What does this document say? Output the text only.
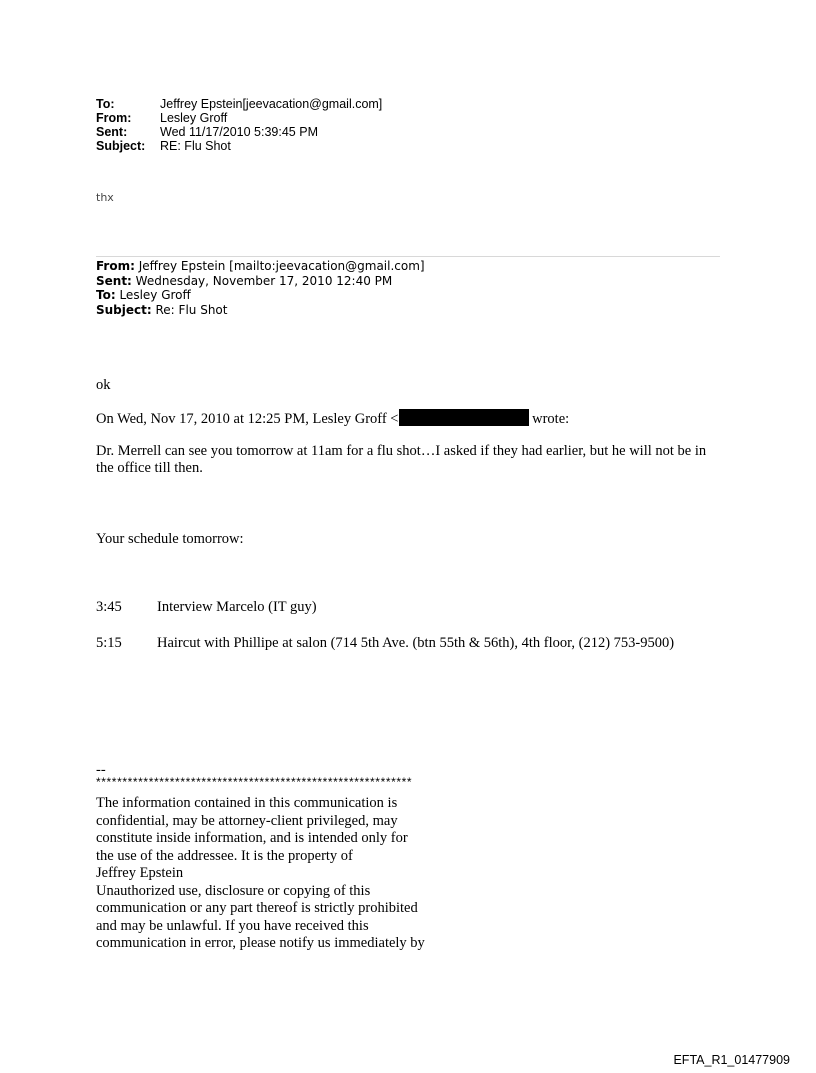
To:	Jeffrey Epstein[jeevacation@gmail.com]
From:	Lesley Groff
Sent:	Wed 11/17/2010 5:39:45 PM
Subject:	RE: Flu Shot
thx
From: Jeffrey Epstein [mailto:jeevacation@gmail.com]
Sent: Wednesday, November 17, 2010 12:40 PM
To: Lesley Groff
Subject: Re: Flu Shot
ok
On Wed, Nov 17, 2010 at 12:25 PM, Lesley Groff <	wrote:
Dr. Merrell can see you tomorrow at 11am for a flu shot…I asked if they had earlier, but he will not be in the office till then.
Your schedule tomorrow:
3:45 Interview Marcelo (IT guy)
5:15 Haircut with Phillipe at salon (714 5th Ave. (btn 55th & 56th), 4th floor, (212) 753-9500)
--
************************************************************
The information contained in this communication is
confidential, may be attorney-client privileged, may
constitute inside information, and is intended only for
the use of the addressee. It is the property of
Jeffrey Epstein
Unauthorized use, disclosure or copying of this
communication or any part thereof is strictly prohibited
and may be unlawful. If you have received this
communication in error, please notify us immediately by
EFTA_R1_01477909
